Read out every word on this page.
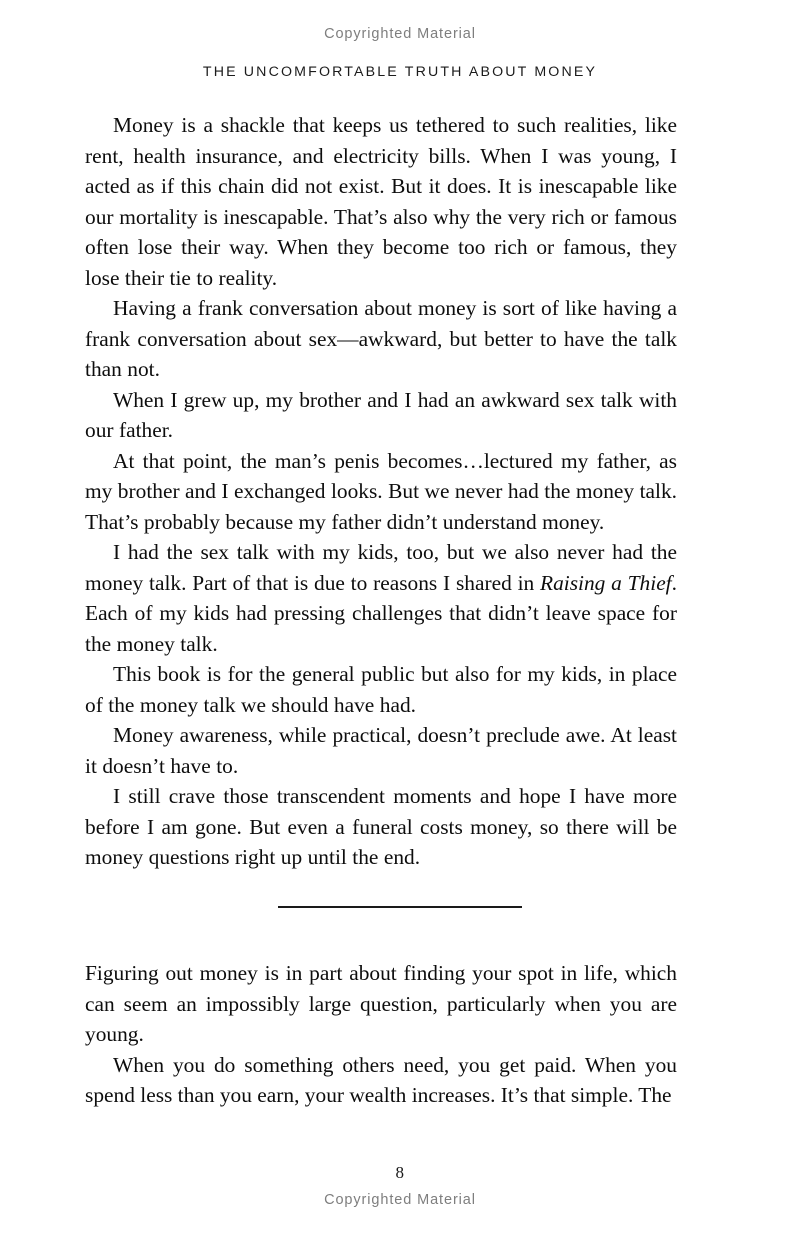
Copyrighted Material
THE UNCOMFORTABLE TRUTH ABOUT MONEY

Money is a shackle that keeps us tethered to such realities, like rent, health insurance, and electricity bills. When I was young, I acted as if this chain did not exist. But it does. It is inescapable like our mortality is inescapable. That’s also why the very rich or famous often lose their way. When they become too rich or famous, they lose their tie to reality.

Having a frank conversation about money is sort of like having a frank conversation about sex—awkward, but better to have the talk than not.

When I grew up, my brother and I had an awkward sex talk with our father.

At that point, the man’s penis becomes…lectured my father, as my brother and I exchanged looks. But we never had the money talk. That’s probably because my father didn’t understand money.

I had the sex talk with my kids, too, but we also never had the money talk. Part of that is due to reasons I shared in Raising a Thief. Each of my kids had pressing challenges that didn’t leave space for the money talk.

This book is for the general public but also for my kids, in place of the money talk we should have had.

Money awareness, while practical, doesn’t preclude awe. At least it doesn’t have to.

I still crave those transcendent moments and hope I have more before I am gone. But even a funeral costs money, so there will be money questions right up until the end.

Figuring out money is in part about finding your spot in life, which can seem an impossibly large question, particularly when you are young.

When you do something others need, you get paid. When you spend less than you earn, your wealth increases. It’s that simple. The

8
Copyrighted Material
